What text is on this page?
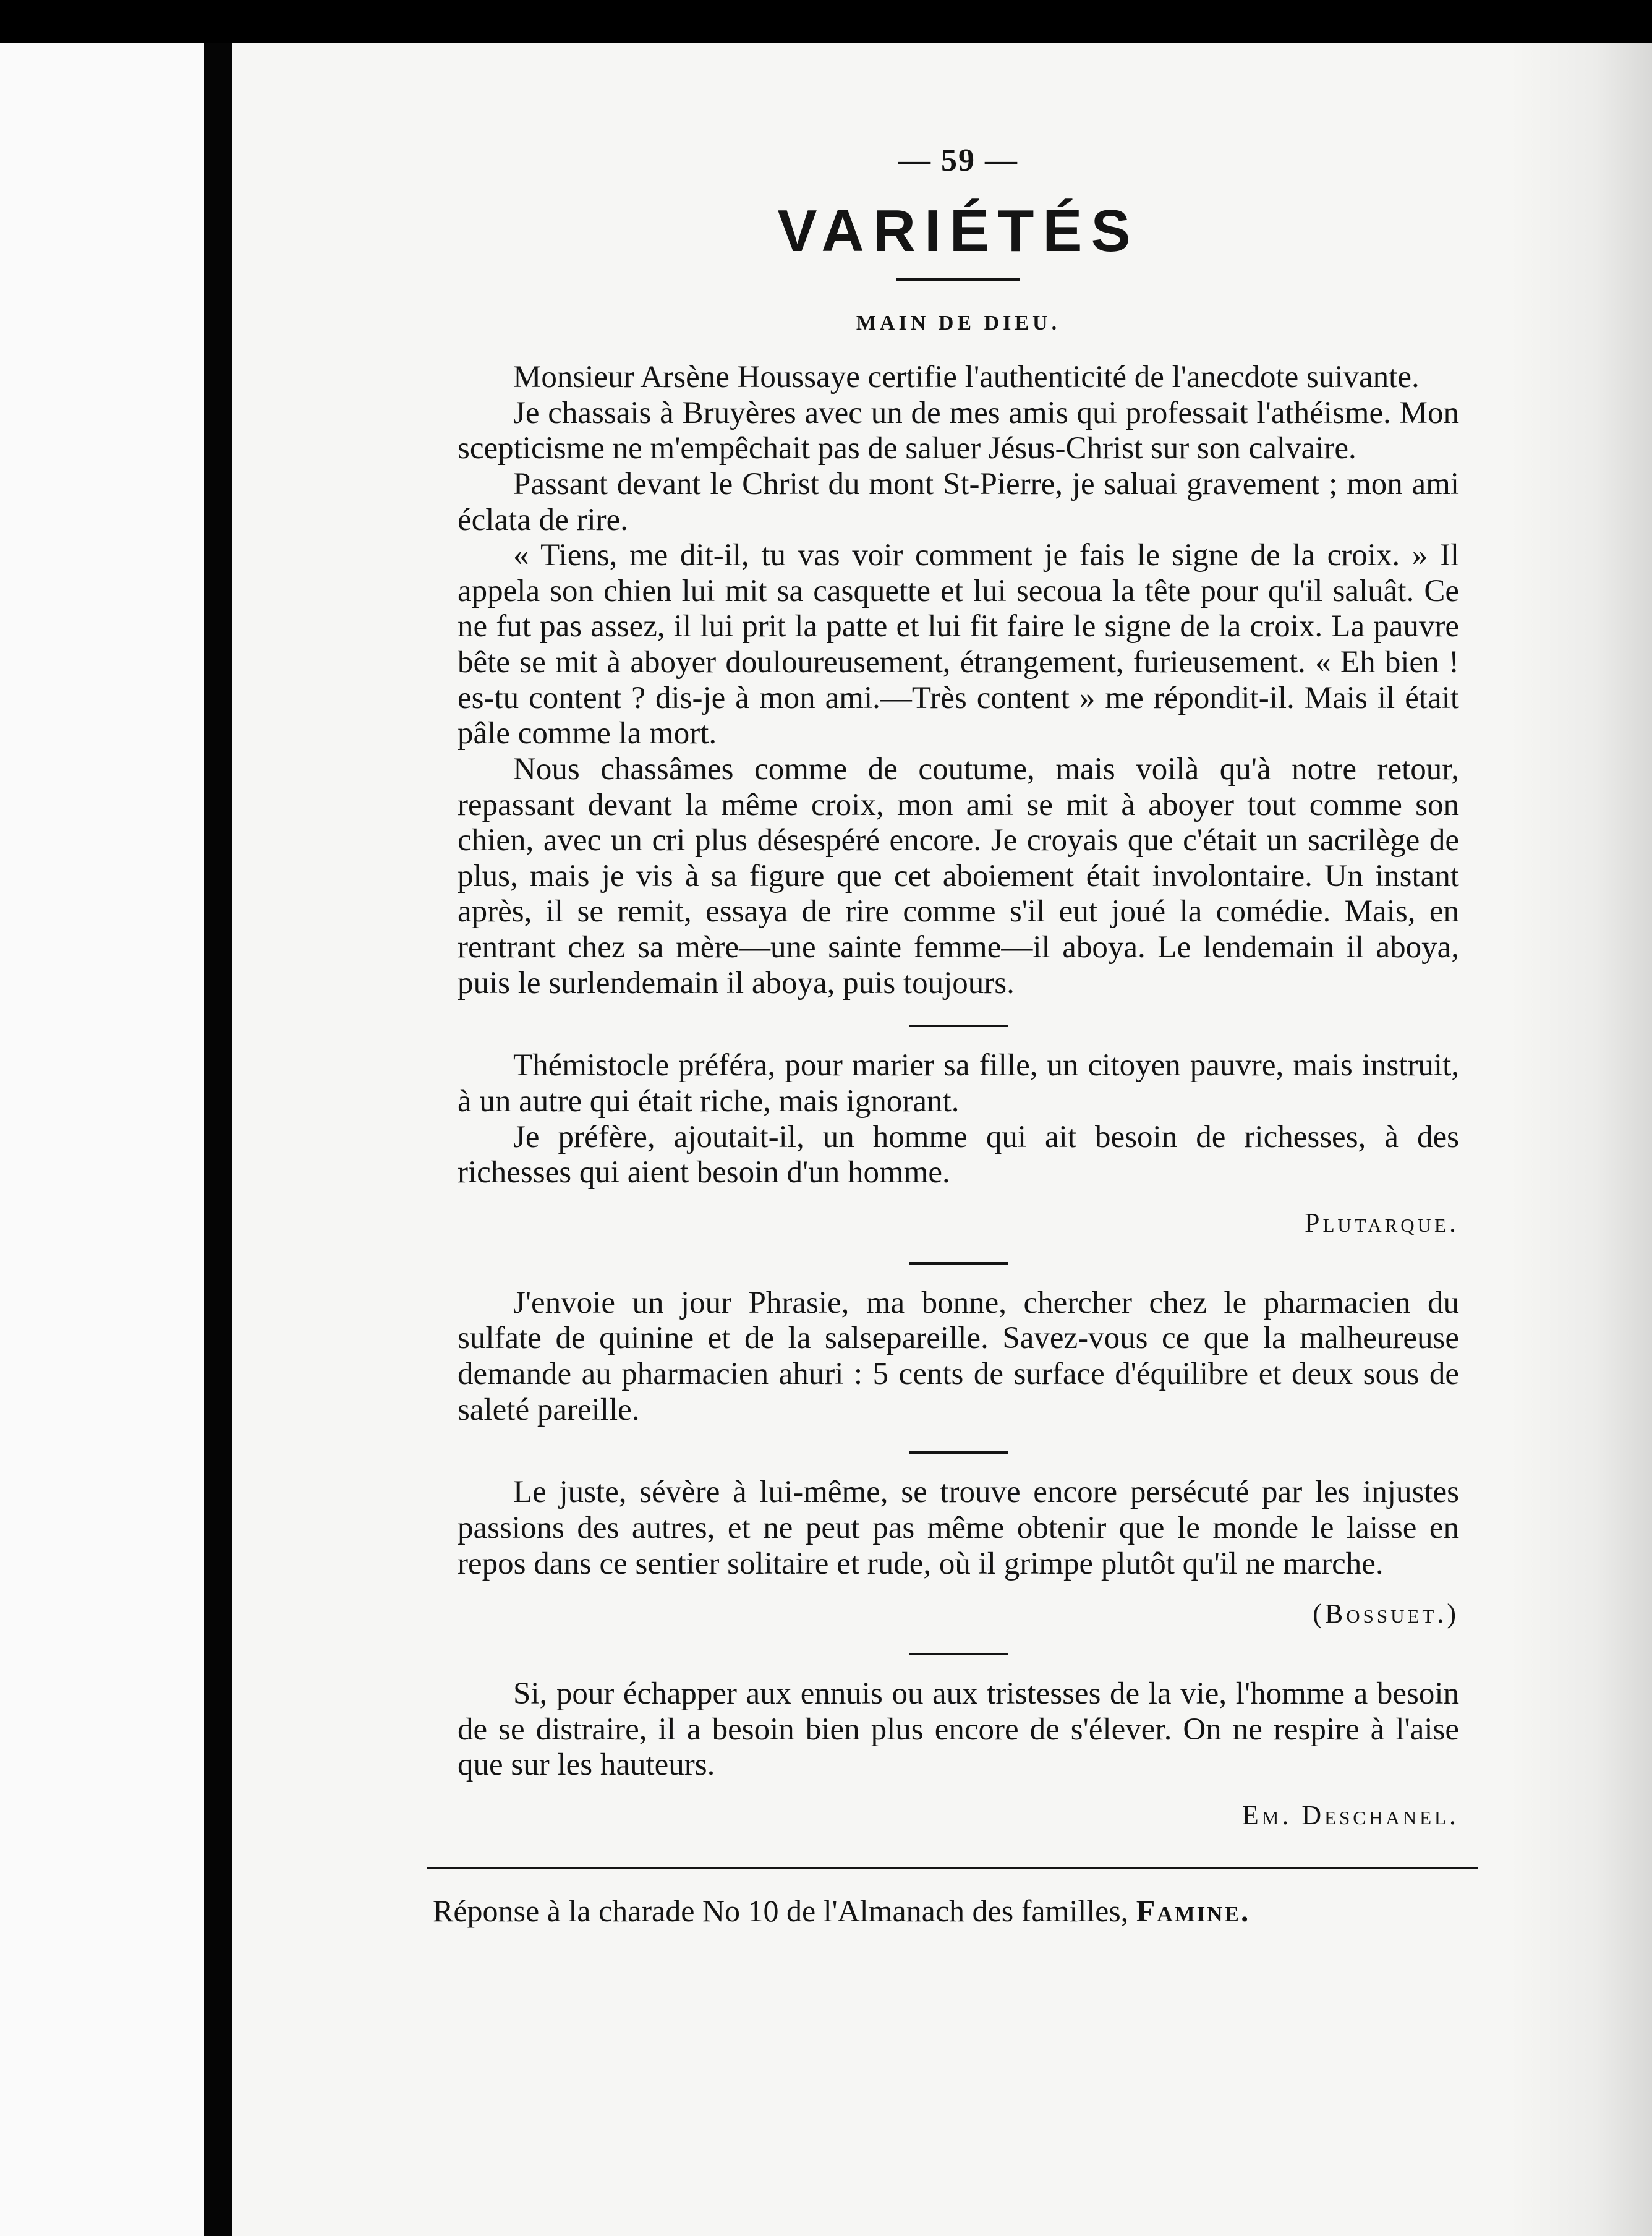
— 59 —
VARIÉTÉS
MAIN DE DIEU.

Monsieur Arsène Houssaye certifie l'authenticité de l'anecdote suivante.

Je chassais à Bruyères avec un de mes amis qui professait l'athéisme. Mon scepticisme ne m'empêchait pas de saluer Jésus-Christ sur son calvaire.

Passant devant le Christ du mont St-Pierre, je saluai gravement ; mon ami éclata de rire.

« Tiens, me dit-il, tu vas voir comment je fais le signe de la croix. » Il appela son chien lui mit sa casquette et lui secoua la tête pour qu'il saluât. Ce ne fut pas assez, il lui prit la patte et lui fit faire le signe de la croix. La pauvre bête se mit à aboyer douloureusement, étrangement, furieusement. « Eh bien ! es-tu content ? dis-je à mon ami.—Très content » me répondit-il. Mais il était pâle comme la mort.

Nous chassâmes comme de coutume, mais voilà qu'à notre retour, repassant devant la même croix, mon ami se mit à aboyer tout comme son chien, avec un cri plus désespéré encore. Je croyais que c'était un sacrilège de plus, mais je vis à sa figure que cet aboiement était involontaire. Un instant après, il se remit, essaya de rire comme s'il eut joué la comédie. Mais, en rentrant chez sa mère—une sainte femme—il aboya. Le lendemain il aboya, puis le surlendemain il aboya, puis toujours.

Thémistocle préféra, pour marier sa fille, un citoyen pauvre, mais instruit, à un autre qui était riche, mais ignorant.

Je préfère, ajoutait-il, un homme qui ait besoin de richesses, à des richesses qui aient besoin d'un homme.

Plutarque.

J'envoie un jour Phrasie, ma bonne, chercher chez le pharmacien du sulfate de quinine et de la salsepareille. Savez-vous ce que la malheureuse demande au pharmacien ahuri : 5 cents de surface d'équilibre et deux sous de saleté pareille.

Le juste, sévère à lui-même, se trouve encore persécuté par les injustes passions des autres, et ne peut pas même obtenir que le monde le laisse en repos dans ce sentier solitaire et rude, où il grimpe plutôt qu'il ne marche.

(Bossuet.)

Si, pour échapper aux ennuis ou aux tristesses de la vie, l'homme a besoin de se distraire, il a besoin bien plus encore de s'élever. On ne respire à l'aise que sur les hauteurs.

Em. Deschanel.
Réponse à la charade No 10 de l'Almanach des familles, Famine.
